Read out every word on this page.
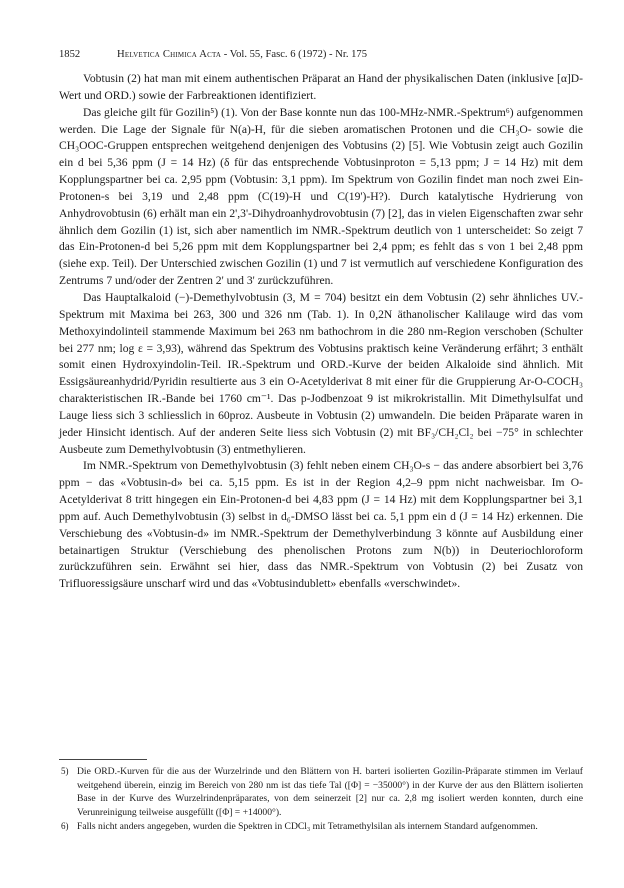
1852	Helvetica Chimica Acta - Vol. 55, Fasc. 6 (1972) - Nr. 175

Vobtusin (2) hat man mit einem authentischen Präparat an Hand der physikalischen Daten (inklusive [α]D-Wert und ORD.) sowie der Farbreaktionen identifiziert.

Das gleiche gilt für Gozilin⁵) (1). Von der Base konnte nun das 100-MHz-NMR.-Spektrum⁶) aufgenommen werden. Die Lage der Signale für N(a)-H, für die sieben aromatischen Protonen und die CH₃O- sowie die CH₃OOC-Gruppen entsprechen weitgehend denjenigen des Vobtusins (2) [5]. Wie Vobtusin zeigt auch Gozilin ein d bei 5,36 ppm (J = 14 Hz) (δ für das entsprechende Vobtusinproton = 5,13 ppm; J = 14 Hz) mit dem Kopplungspartner bei ca. 2,95 ppm (Vobtusin: 3,1 ppm). Im Spektrum von Gozilin findet man noch zwei Ein-Protonen-s bei 3,19 und 2,48 ppm (C(19)-H und C(19')-H?). Durch katalytische Hydrierung von Anhydrovobtusin (6) erhält man ein 2',3'-Dihydroanhydrovobtusin (7) [2], das in vielen Eigenschaften zwar sehr ähnlich dem Gozilin (1) ist, sich aber namentlich im NMR.-Spektrum deutlich von 1 unterscheidet: So zeigt 7 das Ein-Protonen-d bei 5,26 ppm mit dem Kopplungspartner bei 2,4 ppm; es fehlt das s von 1 bei 2,48 ppm (siehe exp. Teil). Der Unterschied zwischen Gozilin (1) und 7 ist vermutlich auf verschiedene Konfiguration des Zentrums 7 und/oder der Zentren 2' und 3' zurückzuführen.

Das Hauptalkaloid (−)-Demethylvobtusin (3, M = 704) besitzt ein dem Vobtusin (2) sehr ähnliches UV.-Spektrum mit Maxima bei 263, 300 und 326 nm (Tab. 1). In 0,2N äthanolischer Kalilauge wird das vom Methoxyindolinteil stammende Maximum bei 263 nm bathochrom in die 280 nm-Region verschoben (Schulter bei 277 nm; log ε = 3,93), während das Spektrum des Vobtusins praktisch keine Veränderung erfährt; 3 enthält somit einen Hydroxyindolin-Teil. IR.-Spektrum und ORD.-Kurve der beiden Alkaloide sind ähnlich. Mit Essigsäureanhydrid/Pyridin resultierte aus 3 ein O-Acetylderivat 8 mit einer für die Gruppierung Ar-O-COCH₃ charakteristischen IR.-Bande bei 1760 cm⁻¹. Das p-Jodbenzoat 9 ist mikrokristallin. Mit Dimethylsulfat und Lauge liess sich 3 schliesslich in 60proz. Ausbeute in Vobtusin (2) umwandeln. Die beiden Präparate waren in jeder Hinsicht identisch. Auf der anderen Seite liess sich Vobtusin (2) mit BF₃/CH₂Cl₂ bei −75° in schlechter Ausbeute zum Demethylvobtusin (3) entmethylieren.

Im NMR.-Spektrum von Demethylvobtusin (3) fehlt neben einem CH₃O-s − das andere absorbiert bei 3,76 ppm − das «Vobtusin-d» bei ca. 5,15 ppm. Es ist in der Region 4,2–9 ppm nicht nachweisbar. Im O-Acetylderivat 8 tritt hingegen ein Ein-Protonen-d bei 4,83 ppm (J = 14 Hz) mit dem Kopplungspartner bei 3,1 ppm auf. Auch Demethylvobtusin (3) selbst in d₆-DMSO lässt bei ca. 5,1 ppm ein d (J = 14 Hz) erkennen. Die Verschiebung des «Vobtusin-d» im NMR.-Spektrum der Demethylverbindung 3 könnte auf Ausbildung einer betainartigen Struktur (Verschiebung des phenolischen Protons zum N(b)) in Deuteriochloroform zurückzuführen sein. Erwähnt sei hier, dass das NMR.-Spektrum von Vobtusin (2) bei Zusatz von Trifluoressigsäure unscharf wird und das «Vobtusindublett» ebenfalls «verschwindet».

5) Die ORD.-Kurven für die aus der Wurzelrinde und den Blättern von H. barteri isolierten Gozilin-Präparate stimmen im Verlauf weitgehend überein, einzig im Bereich von 280 nm ist das tiefe Tal ([Φ] = −35000°) in der Kurve der aus den Blättern isolierten Base in der Kurve des Wurzelrindenpräparates, von dem seinerzeit [2] nur ca. 2,8 mg isoliert werden konnten, durch eine Verunreinigung teilweise ausgefüllt ([Φ] = +14000°).
6) Falls nicht anders angegeben, wurden die Spektren in CDCl₃ mit Tetramethylsilan als internem Standard aufgenommen.
